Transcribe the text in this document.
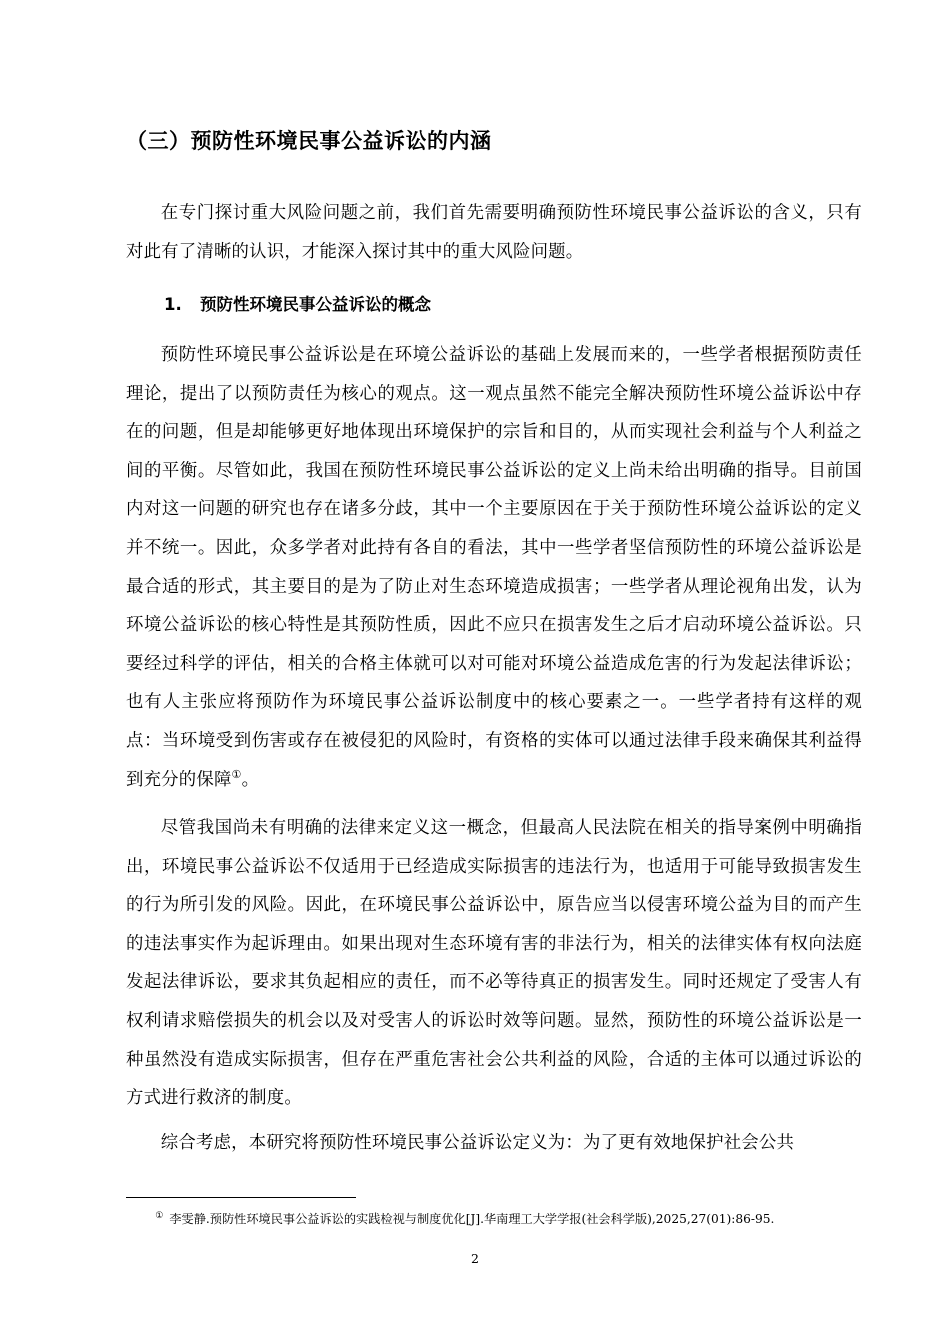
（三）预防性环境民事公益诉讼的内涵

在专门探讨重大风险问题之前，我们首先需要明确预防性环境民事公益诉讼的含义，只有对此有了清晰的认识，才能深入探讨其中的重大风险问题。

1. 预防性环境民事公益诉讼的概念

预防性环境民事公益诉讼是在环境公益诉讼的基础上发展而来的，一些学者根据预防责任理论，提出了以预防责任为核心的观点。这一观点虽然不能完全解决预防性环境公益诉讼中存在的问题，但是却能够更好地体现出环境保护的宗旨和目的，从而实现社会利益与个人利益之间的平衡。尽管如此，我国在预防性环境民事公益诉讼的定义上尚未给出明确的指导。目前国内对这一问题的研究也存在诸多分歧，其中一个主要原因在于关于预防性环境公益诉讼的定义并不统一。因此，众多学者对此持有各自的看法，其中一些学者坚信预防性的环境公益诉讼是最合适的形式，其主要目的是为了防止对生态环境造成损害；一些学者从理论视角出发，认为环境公益诉讼的核心特性是其预防性质，因此不应只在损害发生之后才启动环境公益诉讼。只要经过科学的评估，相关的合格主体就可以对可能对环境公益造成危害的行为发起法律诉讼；也有人主张应将预防作为环境民事公益诉讼制度中的核心要素之一。一些学者持有这样的观点：当环境受到伤害或存在被侵犯的风险时，有资格的实体可以通过法律手段来确保其利益得到充分的保障①。

尽管我国尚未有明确的法律来定义这一概念，但最高人民法院在相关的指导案例中明确指出，环境民事公益诉讼不仅适用于已经造成实际损害的违法行为，也适用于可能导致损害发生的行为所引发的风险。因此，在环境民事公益诉讼中，原告应当以侵害环境公益为目的而产生的违法事实作为起诉理由。如果出现对生态环境有害的非法行为，相关的法律实体有权向法庭发起法律诉讼，要求其负起相应的责任，而不必等待真正的损害发生。同时还规定了受害人有权利请求赔偿损失的机会以及对受害人的诉讼时效等问题。显然，预防性的环境公益诉讼是一种虽然没有造成实际损害，但存在严重危害社会公共利益的风险，合适的主体可以通过诉讼的方式进行救济的制度。

综合考虑，本研究将预防性环境民事公益诉讼定义为：为了更有效地保护社会公共

① 李雯静.预防性环境民事公益诉讼的实践检视与制度优化[J].华南理工大学学报(社会科学版),2025,27(01):86-95.

2
